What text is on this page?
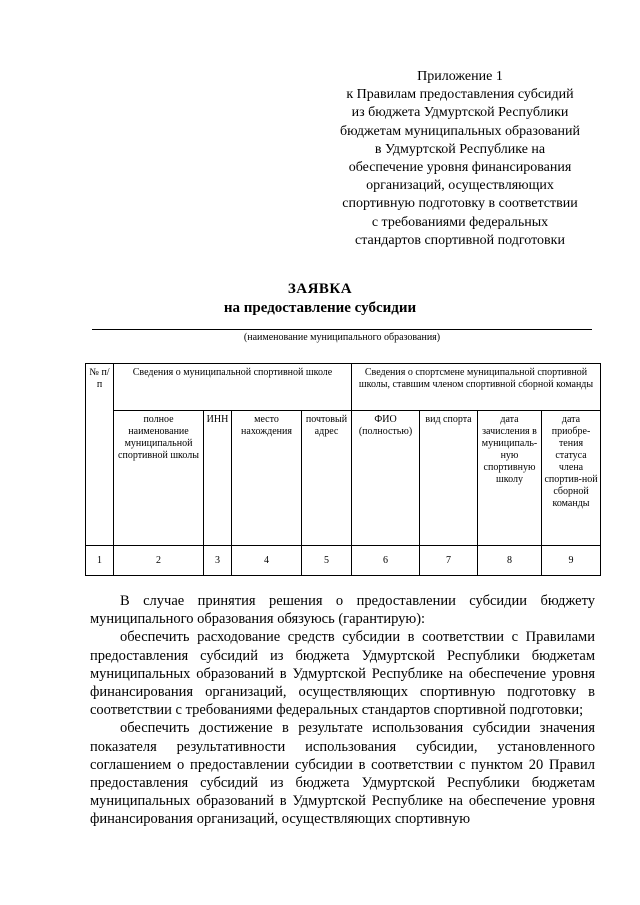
Приложение 1
к Правилам предоставления субсидий
из бюджета Удмуртской Республики
бюджетам муниципальных образований
в Удмуртской Республике на
обеспечение уровня финансирования
организаций, осуществляющих
спортивную подготовку в соответствии
с требованиями федеральных
стандартов спортивной подготовки
ЗАЯВКА
на предоставление субсидии
(наименование муниципального образования)
№ п/п	Сведения о муниципальной спортивной школе				Сведения о спортсмене муниципальной спортивной школы, ставшим членом спортивной сборной команды			
	полное наименование муниципальной спортивной школы	ИНН	место нахождения	почтовый адрес	ФИО (полностью)	вид спорта	дата зачисления в муниципаль-ную спортивную школу	дата приобре-тения статуса члена спортив-ной сборной команды
1	2	3	4	5	6	7	8	9

В случае принятия решения о предоставлении субсидии бюджету муниципального образования обязуюсь (гарантирую):

обеспечить расходование средств субсидии в соответствии с Правилами предоставления субсидий из бюджета Удмуртской Республики бюджетам муниципальных образований в Удмуртской Республике на обеспечение уровня финансирования организаций, осуществляющих спортивную подготовку в соответствии с требованиями федеральных стандартов спортивной подготовки;

обеспечить достижение в результате использования субсидии значения показателя результативности использования субсидии, установленного соглашением о предоставлении субсидии в соответствии с пунктом 20 Правил предоставления субсидий из бюджета Удмуртской Республики бюджетам муниципальных образований в Удмуртской Республике на обеспечение уровня финансирования организаций, осуществляющих спортивную
